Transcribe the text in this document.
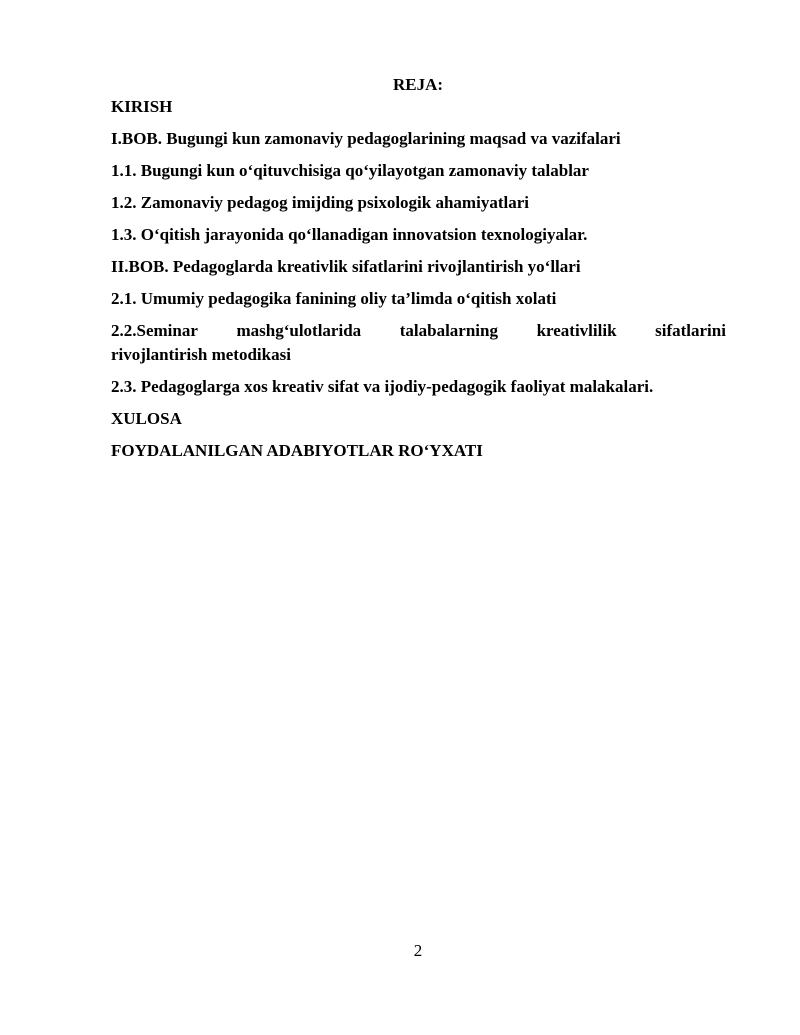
REJA:
KIRISH
I.BOB. Bugungi kun zamonaviy pedagoglarining maqsad va vazifalari
1.1. Bugungi kun o‘qituvchisiga qo‘yilayotgan zamonaviy talablar
1.2. Zamonaviy pedagog imijding psixologik ahamiyatlari
1.3. O‘qitish jarayonida qo‘llanadigan innovatsion texnologiyalar.
II.BOB. Pedagoglarda kreativlik sifatlarini rivojlantirish yo‘llari
2.1. Umumiy pedagogika fanining oliy ta’limda o‘qitish xolati
2.2.Seminar mashg‘ulotlarida talabalarning kreativlilik sifatlarini
rivojlantirish metodikasi
2.3. Pedagoglarga xos kreativ sifat va ijodiy-pedagogik faoliyat malakalari.
XULOSA
FOYDALANILGAN ADABIYOTLAR RO‘YXATI
2
